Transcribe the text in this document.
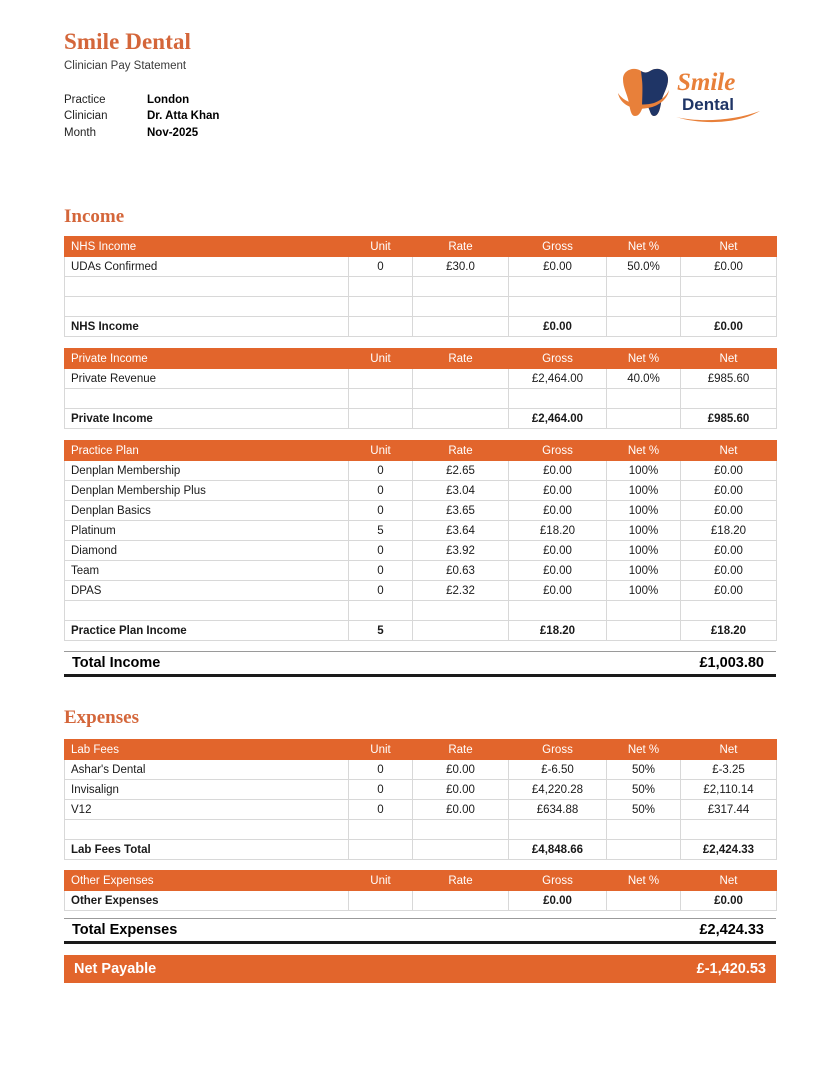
Smile Dental
Clinician Pay Statement
Practice	London
Clinician	Dr. Atta Khan
Month	Nov-2025
Smile
Dental
Income
NHS Income	Unit	Rate	Gross	Net %	Net
UDAs Confirmed	0	£30.0	£0.00	50.0%	£0.00

NHS Income			£0.00		£0.00
Private Income	Unit	Rate	Gross	Net %	Net
Private Revenue			£2,464.00	40.0%	£985.60

Private Income			£2,464.00		£985.60
Practice Plan	Unit	Rate	Gross	Net %	Net
Denplan Membership	0	£2.65	£0.00	100%	£0.00
Denplan Membership Plus	0	£3.04	£0.00	100%	£0.00
Denplan Basics	0	£3.65	£0.00	100%	£0.00
Platinum	5	£3.64	£18.20	100%	£18.20
Diamond	0	£3.92	£0.00	100%	£0.00
Team	0	£0.63	£0.00	100%	£0.00
DPAS	0	£2.32	£0.00	100%	£0.00

Practice Plan Income	5		£18.20		£18.20
Total Income	£1,003.80
Expenses
Lab Fees	Unit	Rate	Gross	Net %	Net
Ashar's Dental	0	£0.00	£-6.50	50%	£-3.25
Invisalign	0	£0.00	£4,220.28	50%	£2,110.14
V12	0	£0.00	£634.88	50%	£317.44

Lab Fees Total			£4,848.66		£2,424.33
Other Expenses	Unit	Rate	Gross	Net %	Net
Other Expenses			£0.00		£0.00
Total Expenses	£2,424.33
Net Payable	£-1,420.53
